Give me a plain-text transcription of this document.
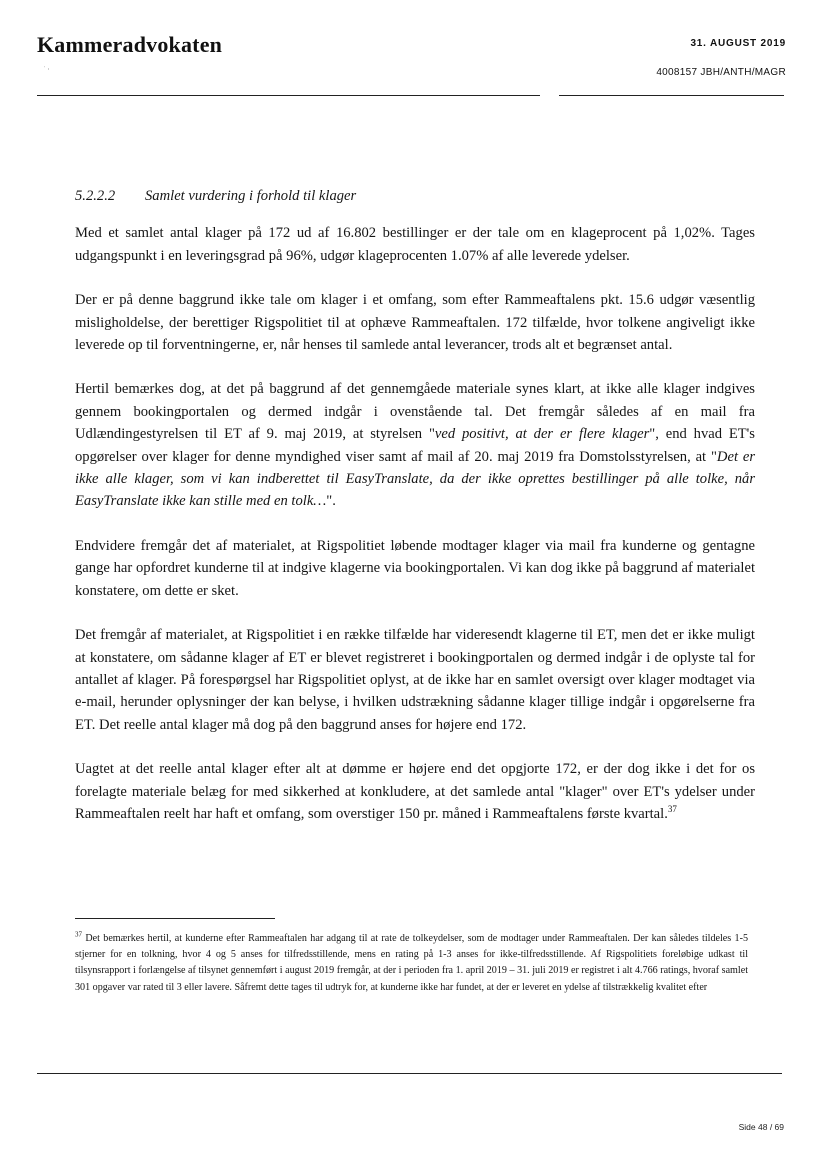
Kammeradvokaten
˙ ⋅
31. AUGUST 2019
4008157 JBH/ANTH/MAGR
5.2.2.2 Samlet vurdering i forhold til klager

Med et samlet antal klager på 172 ud af 16.802 bestillinger er der tale om en klageprocent på 1,02%. Tages udgangspunkt i en leveringsgrad på 96%, udgør klageprocenten 1.07% af alle leverede ydelser.

Der er på denne baggrund ikke tale om klager i et omfang, som efter Rammeaftalens pkt. 15.6 udgør væsentlig misligholdelse, der berettiger Rigspolitiet til at ophæve Rammeaftalen. 172 tilfælde, hvor tolkene angiveligt ikke leverede op til forventningerne, er, når henses til samlede antal leverancer, trods alt et begrænset antal.

Hertil bemærkes dog, at det på baggrund af det gennemgåede materiale synes klart, at ikke alle klager indgives gennem bookingportalen og dermed indgår i ovenstående tal. Det fremgår således af en mail fra Udlændingestyrelsen til ET af 9. maj 2019, at styrelsen "ved positivt, at der er flere klager", end hvad ET's opgørelser over klager for denne myndighed viser samt af mail af 20. maj 2019 fra Domstolsstyrelsen, at "Det er ikke alle klager, som vi kan indberettet til EasyTranslate, da der ikke oprettes bestillinger på alle tolke, når EasyTranslate ikke kan stille med en tolk…".

Endvidere fremgår det af materialet, at Rigspolitiet løbende modtager klager via mail fra kunderne og gentagne gange har opfordret kunderne til at indgive klagerne via bookingportalen. Vi kan dog ikke på baggrund af materialet konstatere, om dette er sket.

Det fremgår af materialet, at Rigspolitiet i en række tilfælde har videresendt klagerne til ET, men det er ikke muligt at konstatere, om sådanne klager af ET er blevet registreret i bookingportalen og dermed indgår i de oplyste tal for antallet af klager. På forespørgsel har Rigspolitiet oplyst, at de ikke har en samlet oversigt over klager modtaget via e-mail, herunder oplysninger der kan belyse, i hvilken udstrækning sådanne klager tillige indgår i opgørelserne fra ET. Det reelle antal klager må dog på den baggrund anses for højere end 172.

Uagtet at det reelle antal klager efter alt at dømme er højere end det opgjorte 172, er der dog ikke i det for os forelagte materiale belæg for med sikkerhed at konkludere, at det samlede antal "klager" over ET's ydelser under Rammeaftalen reelt har haft et omfang, som overstiger 150 pr. måned i Rammeaftalens første kvartal.$^{37}$

$^{37}$ Det bemærkes hertil, at kunderne efter Rammeaftalen har adgang til at rate de tolkeydelser, som de modtager under Rammeaftalen. Der kan således tildeles 1-5 stjerner for en tolkning, hvor 4 og 5 anses for tilfredsstillende, mens en rating på 1-3 anses for ikke-tilfredsstillende. Af Rigspolitiets foreløbige udkast til tilsynsrapport i forlængelse af tilsynet gennemført i august 2019 fremgår, at der i perioden fra 1. april 2019 – 31. juli 2019 er registret i alt 4.766 ratings, hvoraf samlet 301 opgaver var rated til 3 eller lavere. Såfremt dette tages til udtryk for, at kunderne ikke har fundet, at der er leveret en ydelse af tilstrækkelig kvalitet efter
Side 48 / 69
